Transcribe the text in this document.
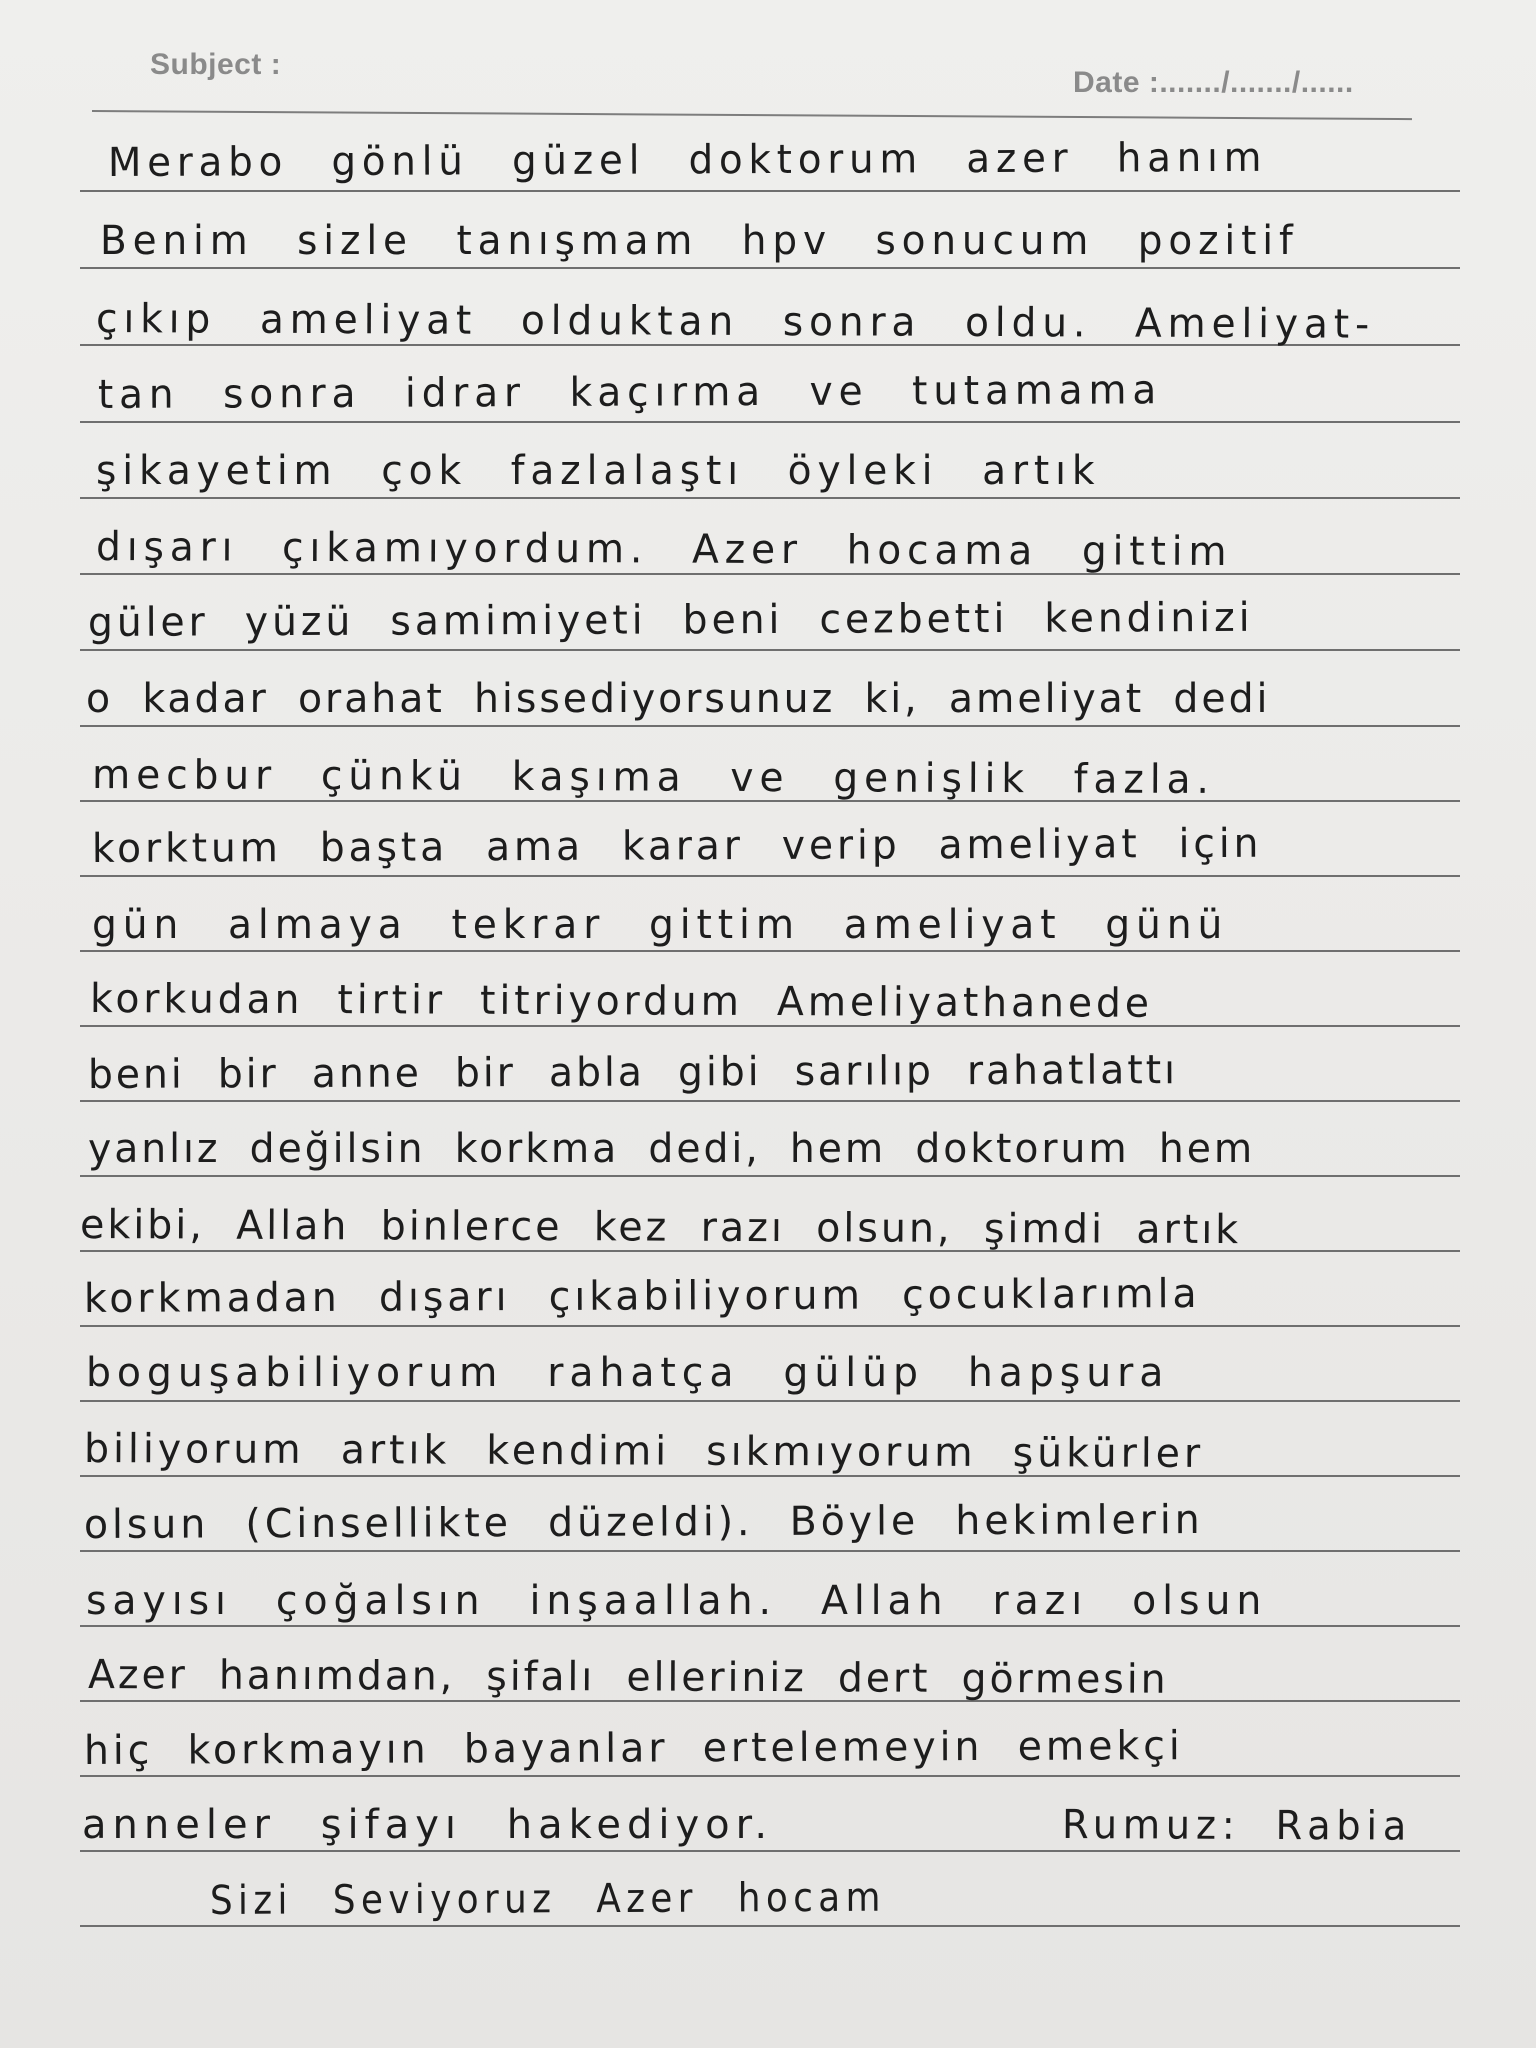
Subject :
Date :......./......./......
Merabo gönlü güzel doktorum azer hanım
Benim sizle tanışmam hpv sonucum pozitif
çıkıp ameliyat olduktan sonra oldu. Ameliyat-
tan sonra idrar kaçırma ve tutamama
şikayetim çok fazlalaştı öyleki artık
dışarı çıkamıyordum. Azer hocama gittim
güler yüzü samimiyeti beni cezbetti kendinizi
o kadar orahat hissediyorsunuz ki, ameliyat dedi
mecbur çünkü kaşıma ve genişlik fazla.
korktum başta ama karar verip ameliyat için
gün almaya tekrar gittim ameliyat günü
korkudan tirtir titriyordum Ameliyathanede
beni bir anne bir abla gibi sarılıp rahatlattı
yanlız değilsin korkma dedi, hem doktorum hem
ekibi, Allah binlerce kez razı olsun, şimdi artık
korkmadan dışarı çıkabiliyorum çocuklarımla
boguşabiliyorum rahatça gülüp hapşura
biliyorum artık kendimi sıkmıyorum şükürler
olsun (Cinsellikte düzeldi). Böyle hekimlerin
sayısı çoğalsın inşaallah. Allah razı olsun
Azer hanımdan, şifalı elleriniz dert görmesin
hiç korkmayın bayanlar ertelemeyin emekçi
anneler şifayı hakediyor.	Rumuz: Rabia
Sizi Seviyoruz Azer hocam
